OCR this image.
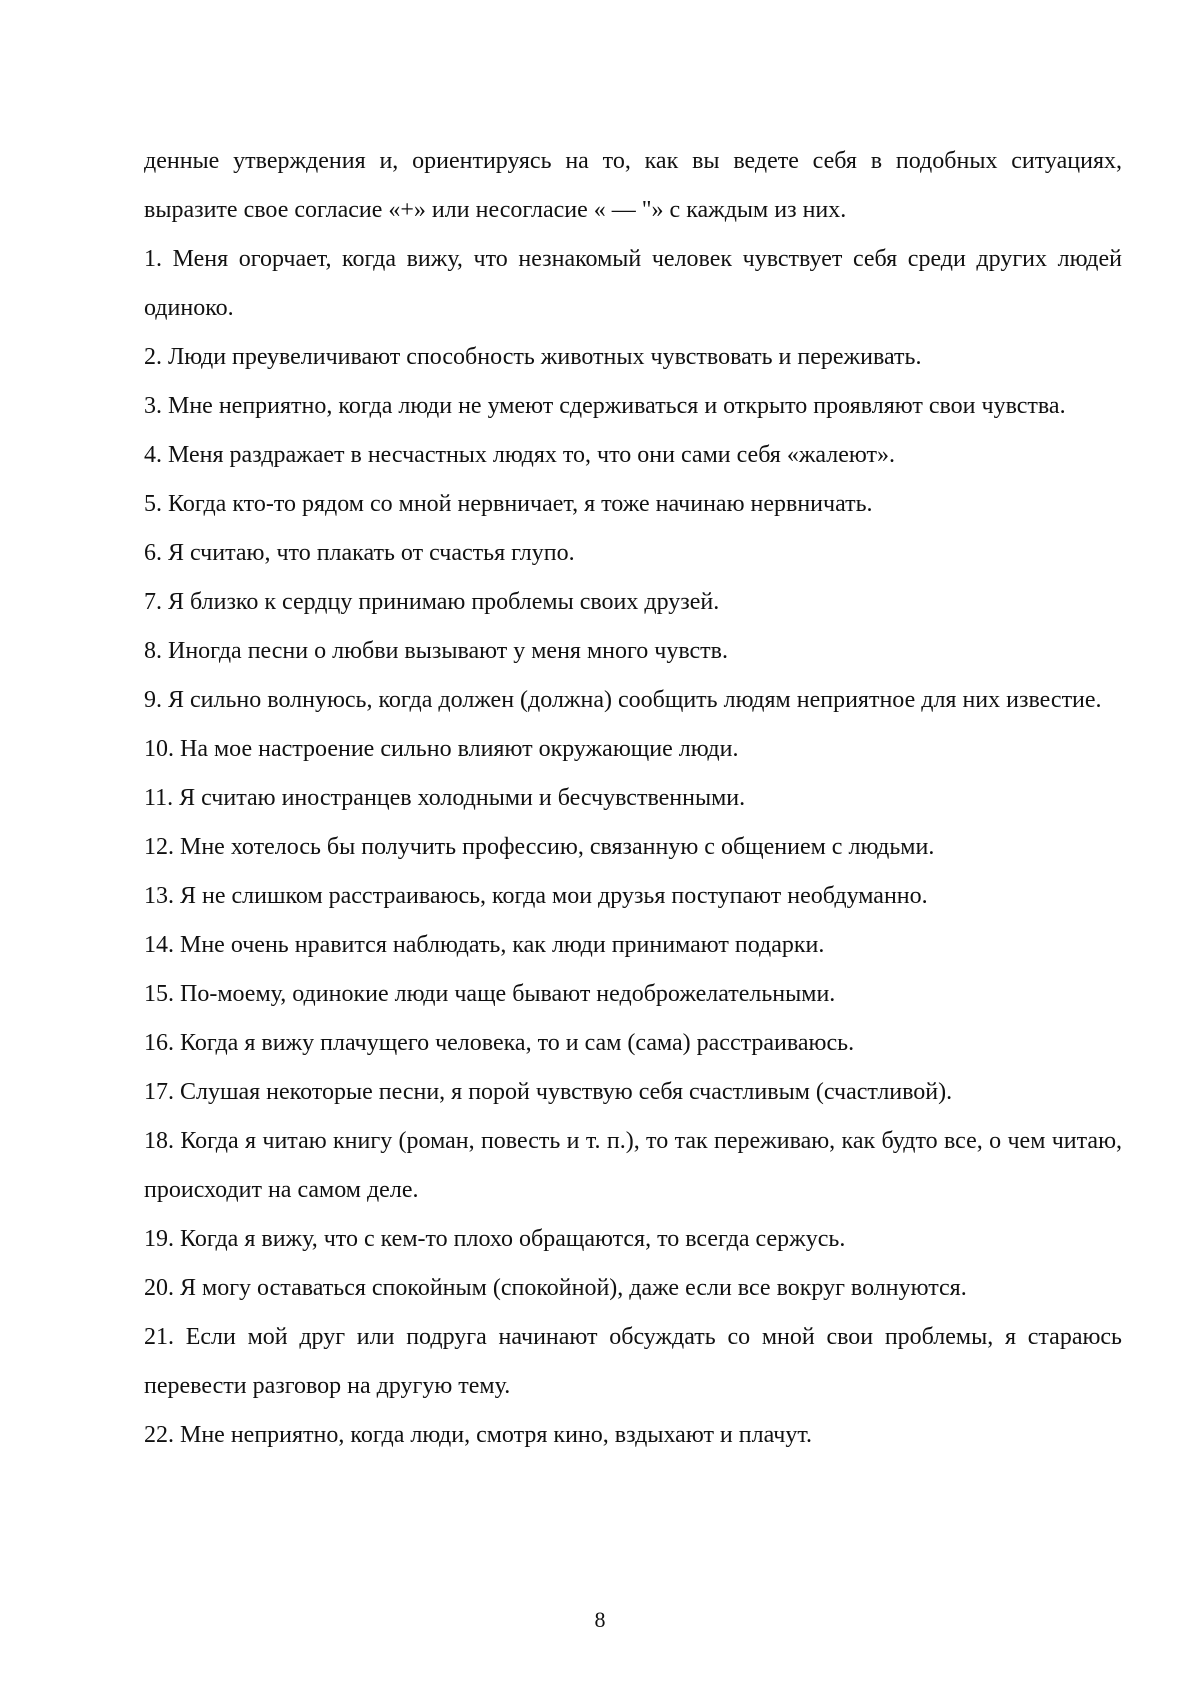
денные утверждения и, ориентируясь на то, как вы ведете себя в подобных ситуациях, выразите свое согласие «+» или несогласие « — "» с каждым из них.

1. Меня огорчает, когда вижу, что незнакомый человек чувствует себя среди других людей одиноко.

2. Люди преувеличивают способность животных чувствовать и переживать.

3. Мне неприятно, когда люди не умеют сдерживаться и открыто проявляют свои чувства.

4. Меня раздражает в несчастных людях то, что они сами себя «жалеют».

5. Когда кто-то рядом со мной нервничает, я тоже начинаю нервничать.

6. Я считаю, что плакать от счастья глупо.

7. Я близко к сердцу принимаю проблемы своих друзей.

8. Иногда песни о любви вызывают у меня много чувств.

9. Я сильно волнуюсь, когда должен (должна) сообщить людям неприятное для них известие.

10. На мое настроение сильно влияют окружающие люди.

11. Я считаю иностранцев холодными и бесчувственными.

12. Мне хотелось бы получить профессию, связанную с общением с людьми.

13. Я не слишком расстраиваюсь, когда мои друзья поступают необдуманно.

14. Мне очень нравится наблюдать, как люди принимают подарки.

15. По-моему, одинокие люди чаще бывают недоброжелательными.

16. Когда я вижу плачущего человека, то и сам (сама) расстраиваюсь.

17. Слушая некоторые песни, я порой чувствую себя счастливым (счастливой).

18. Когда я читаю книгу (роман, повесть и т. п.), то так переживаю, как будто все, о чем читаю, происходит на самом деле.

19. Когда я вижу, что с кем-то плохо обращаются, то всегда сержусь.

20. Я могу оставаться спокойным (спокойной), даже если все вокруг волнуются.

21. Если мой друг или подруга начинают обсуждать со мной свои проблемы, я стараюсь перевести разговор на другую тему.

22. Мне неприятно, когда люди, смотря кино, вздыхают и плачут.

8
